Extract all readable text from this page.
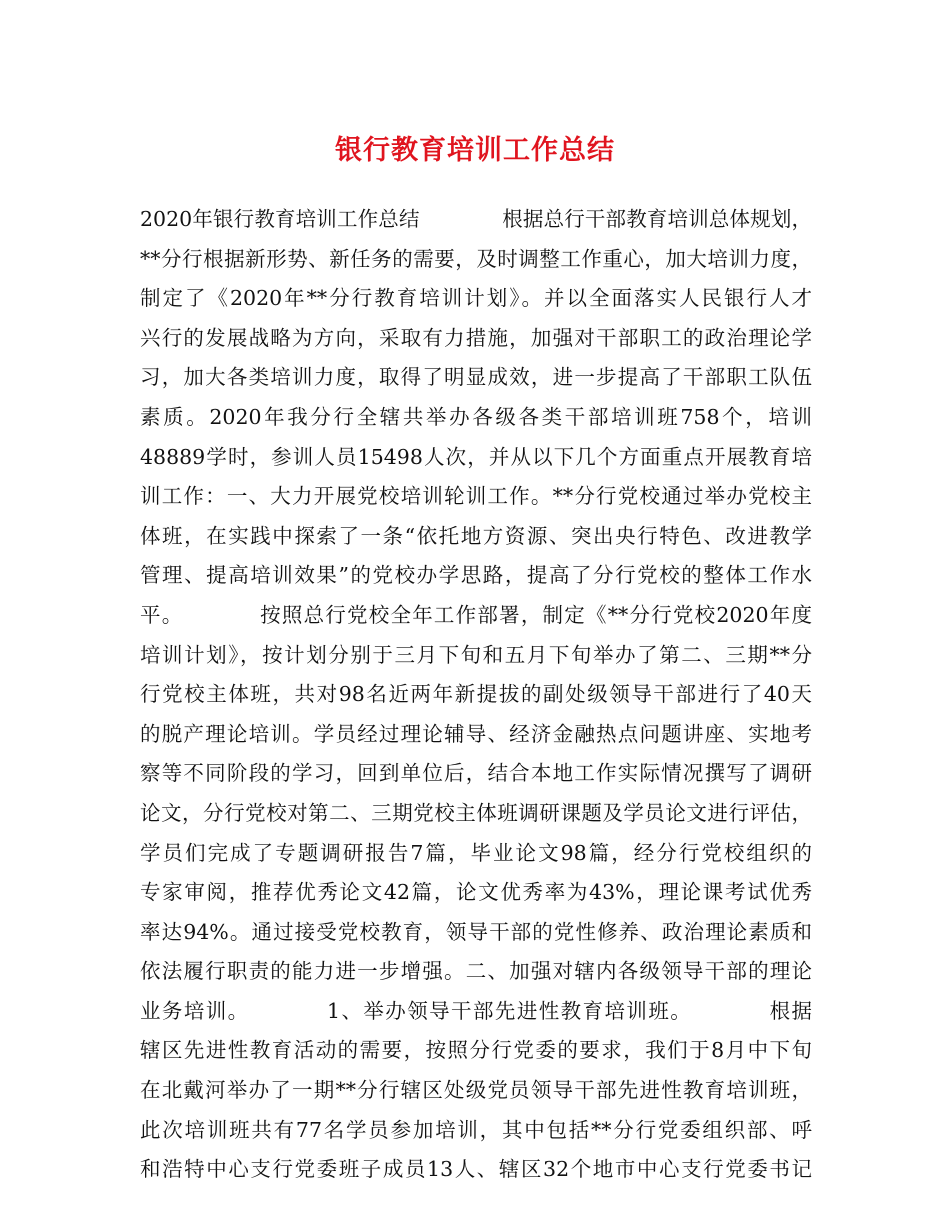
银行教育培训工作总结
2020年银行教育培训工作总结　　　　根据总行干部教育培训总体规划，
**分行根据新形势、新任务的需要，及时调整工作重心，加大培训力度，
制定了《2020年**分行教育培训计划》。并以全面落实人民银行人才
兴行的发展战略为方向，采取有力措施，加强对干部职工的政治理论学
习，加大各类培训力度，取得了明显成效，进一步提高了干部职工队伍
素质。2020年我分行全辖共举办各级各类干部培训班758个，培训
48889学时，参训人员15498人次，并从以下几个方面重点开展教育培
训工作：一、大力开展党校培训轮训工作。**分行党校通过举办党校主
体班，在实践中探索了一条“依托地方资源、突出央行特色、改进教学
管理、提高培训效果”的党校办学思路，提高了分行党校的整体工作水
平。　　　　按照总行党校全年工作部署，制定《**分行党校2020年度
培训计划》，按计划分别于三月下旬和五月下旬举办了第二、三期**分
行党校主体班，共对98名近两年新提拔的副处级领导干部进行了40天
的脱产理论培训。学员经过理论辅导、经济金融热点问题讲座、实地考
察等不同阶段的学习，回到单位后，结合本地工作实际情况撰写了调研
论文，分行党校对第二、三期党校主体班调研课题及学员论文进行评估，
学员们完成了专题调研报告7篇，毕业论文98篇，经分行党校组织的
专家审阅，推荐优秀论文42篇，论文优秀率为43%，理论课考试优秀
率达94%。通过接受党校教育，领导干部的党性修养、政治理论素质和
依法履行职责的能力进一步增强。二、加强对辖内各级领导干部的理论
业务培训。　　　　1、举办领导干部先进性教育培训班。　　　　根据
辖区先进性教育活动的需要，按照分行党委的要求，我们于8月中下旬
在北戴河举办了一期**分行辖区处级党员领导干部先进性教育培训班，
此次培训班共有77名学员参加培训，其中包括**分行党委组织部、呼
和浩特中心支行党委班子成员13人、辖区32个地市中心支行党委书记
